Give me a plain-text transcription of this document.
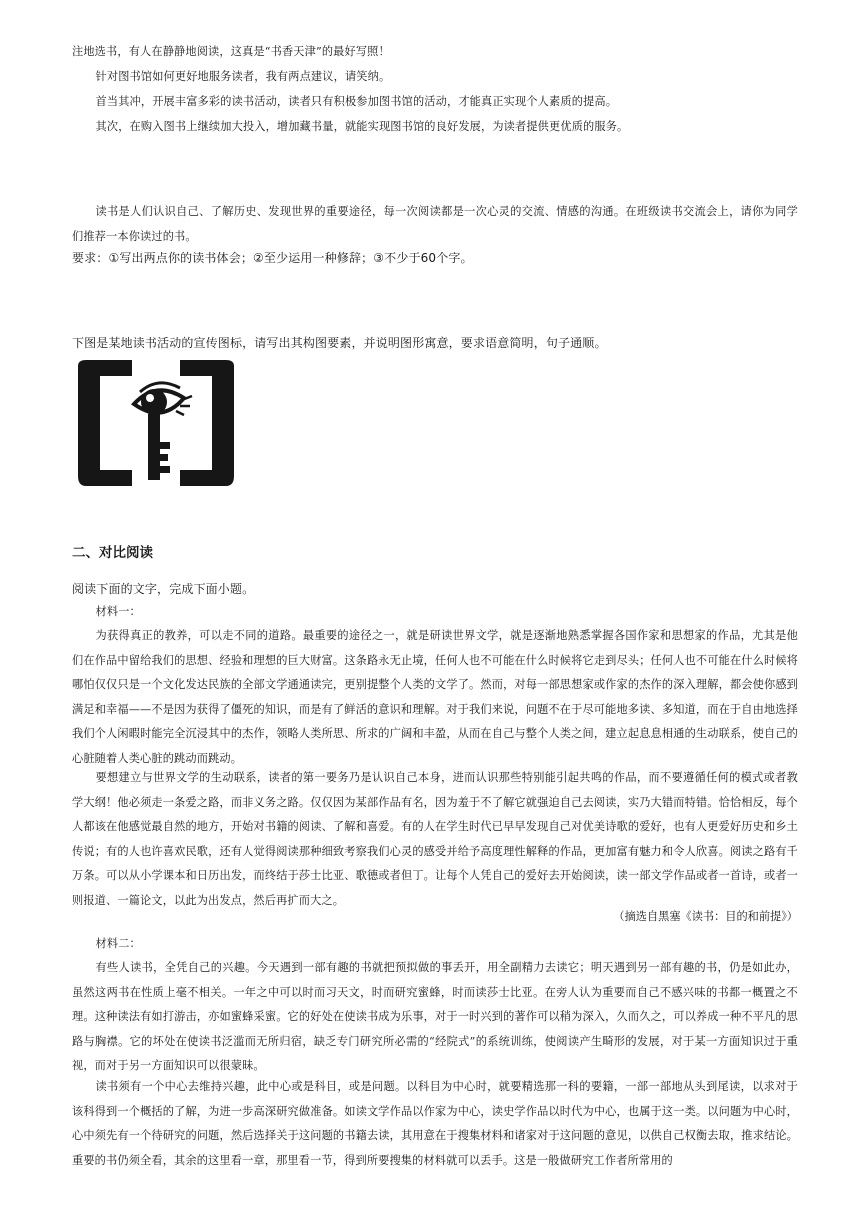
注地选书，有人在静静地阅读，这真是“书香天津”的最好写照！

针对图书馆如何更好地服务读者，我有两点建议，请笑纳。

首当其冲，开展丰富多彩的读书活动，读者只有积极参加图书馆的活动，才能真正实现个人素质的提高。

其次，在购入图书上继续加大投入，增加藏书量，就能实现图书馆的良好发展，为读者提供更优质的服务。

读书是人们认识自己、了解历史、发现世界的重要途径，每一次阅读都是一次心灵的交流、情感的沟通。在班级读书交流会上，请你为同学们推荐一本你读过的书。

要求：①写出两点你的读书体会；②至少运用一种修辞；③不少于60个字。

下图是某地读书活动的宣传图标，请写出其构图要素，并说明图形寓意，要求语意简明，句子通顺。

二、对比阅读

阅读下面的文字，完成下面小题。

材料一：

为获得真正的教养，可以走不同的道路。最重要的途径之一，就是研读世界文学，就是逐渐地熟悉掌握各国作家和思想家的作品，尤其是他们在作品中留给我们的思想、经验和理想的巨大财富。这条路永无止境，任何人也不可能在什么时候将它走到尽头；任何人也不可能在什么时候将哪怕仅仅只是一个文化发达民族的全部文学通通读完，更别提整个人类的文学了。然而，对每一部思想家或作家的杰作的深入理解，都会使你感到满足和幸福——不是因为获得了僵死的知识，而是有了鲜活的意识和理解。对于我们来说，问题不在于尽可能地多读、多知道，而在于自由地选择我们个人闲暇时能完全沉浸其中的杰作，领略人类所思、所求的广阔和丰盈，从而在自己与整个人类之间，建立起息息相通的生动联系，使自己的心脏随着人类心脏的跳动而跳动。

要想建立与世界文学的生动联系，读者的第一要务乃是认识自己本身，进而认识那些特别能引起共鸣的作品，而不要遵循任何的模式或者教学大纲！他必须走一条爱之路，而非义务之路。仅仅因为某部作品有名，因为羞于不了解它就强迫自己去阅读，实乃大错而特错。恰恰相反，每个人都该在他感觉最自然的地方，开始对书籍的阅读、了解和喜爱。有的人在学生时代已早早发现自己对优美诗歌的爱好，也有人更爱好历史和乡土传说；有的人也许喜欢民歌，还有人觉得阅读那种细致考察我们心灵的感受并给予高度理性解释的作品，更加富有魅力和令人欣喜。阅读之路有千万条。可以从小学课本和日历出发，而终结于莎士比亚、歌德或者但丁。让每个人凭自己的爱好去开始阅读，读一部文学作品或者一首诗，或者一则报道、一篇论文，以此为出发点，然后再扩而大之。

（摘选自黑塞《读书：目的和前提》）

材料二：

有些人读书，全凭自己的兴趣。今天遇到一部有趣的书就把预拟做的事丢开，用全副精力去读它；明天遇到另一部有趣的书，仍是如此办，虽然这两书在性质上毫不相关。一年之中可以时而习天文，时而研究蜜蜂，时而读莎士比亚。在旁人认为重要而自己不感兴味的书都一概置之不理。这种读法有如打游击，亦如蜜蜂采蜜。它的好处在使读书成为乐事，对于一时兴到的著作可以稍为深入，久而久之，可以养成一种不平凡的思路与胸襟。它的坏处在使读书泛滥而无所归宿，缺乏专门研究所必需的“经院式”的系统训练，使阅读产生畸形的发展，对于某一方面知识过于重视，而对于另一方面知识可以很蒙昧。

读书须有一个中心去维持兴趣，此中心或是科目，或是问题。以科目为中心时，就要精选那一科的要籍，一部一部地从头到尾读，以求对于该科得到一个概括的了解，为进一步高深研究做准备。如读文学作品以作家为中心，读史学作品以时代为中心，也属于这一类。以问题为中心时，心中须先有一个待研究的问题，然后选择关于这问题的书籍去读，其用意在于搜集材料和诸家对于这问题的意见，以供自己权衡去取，推求结论。重要的书仍须全看，其余的这里看一章，那里看一节，得到所要搜集的材料就可以丢手。这是一般做研究工作者所常用的
